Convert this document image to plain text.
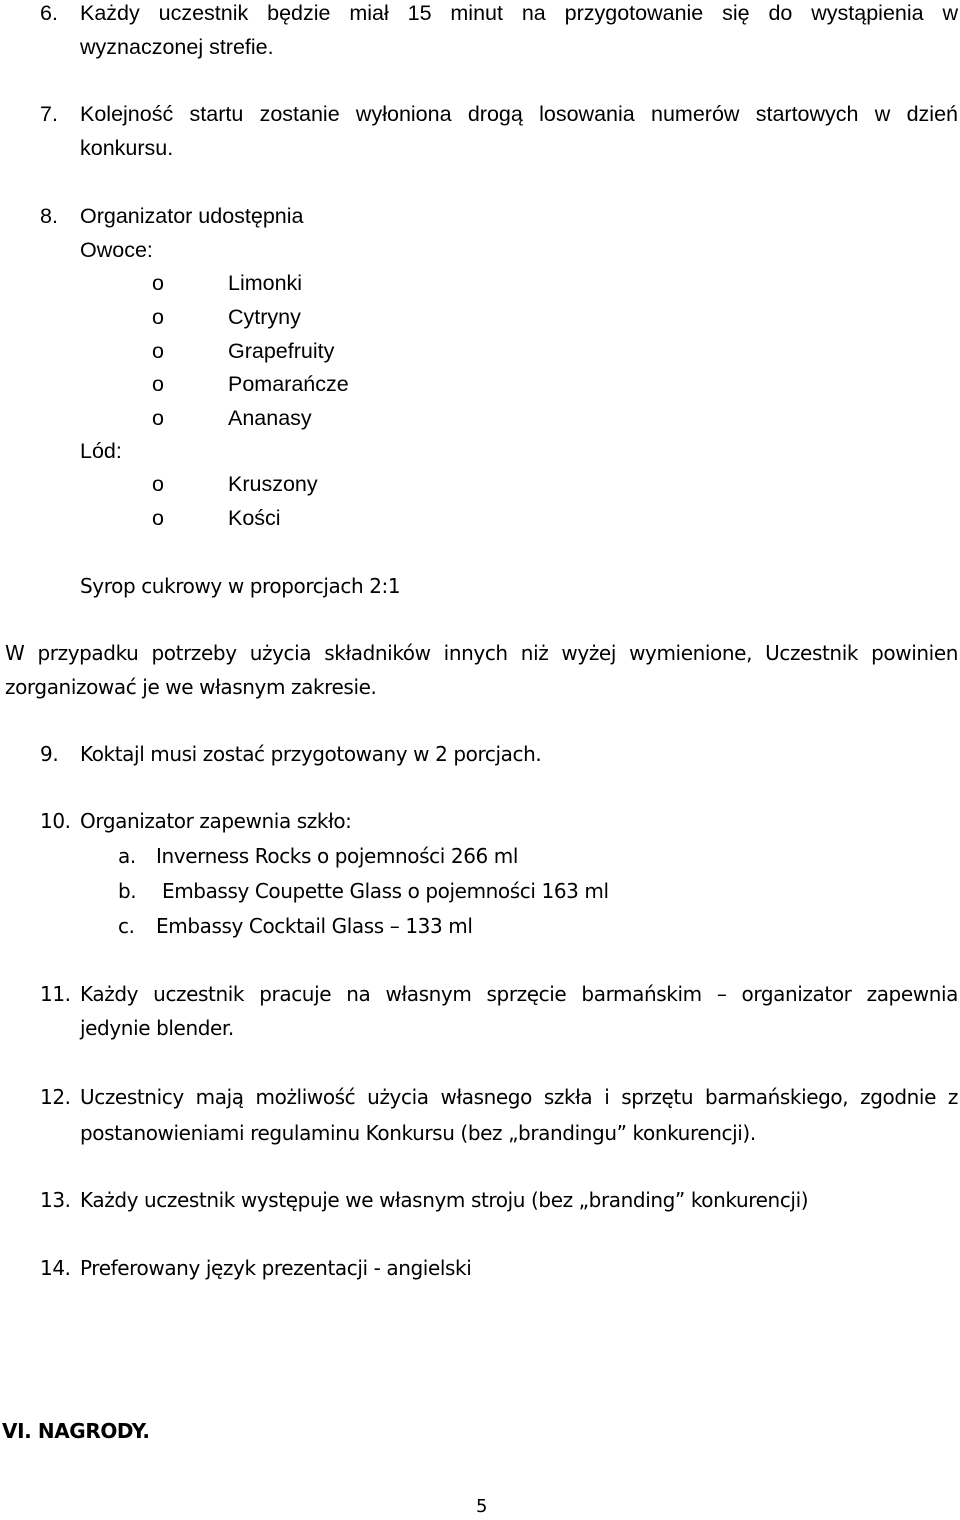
6. Każdy uczestnik będzie miał 15 minut na przygotowanie się do wystąpienia w
wyznaczonej strefie.
7. Kolejność startu zostanie wyłoniona drogą losowania numerów startowych w dzień
konkursu.
8. Organizator udostępnia
Owoce:
o	Limonki
o	Cytryny
o	Grapefruity
o	Pomarańcze
o	Ananasy
Lód:
o	Kruszony
o	Kości
Syrop cukrowy w proporcjach 2:1
W przypadku potrzeby użycia składników innych niż wyżej wymienione, Uczestnik powinien
zorganizować je we własnym zakresie.
9. Koktajl musi zostać przygotowany w 2 porcjach.
10. Organizator zapewnia szkło:
a. Inverness Rocks o pojemności 266 ml
b. Embassy Coupette Glass o pojemności 163 ml
c. Embassy Cocktail Glass – 133 ml
11. Każdy uczestnik pracuje na własnym sprzęcie barmańskim – organizator zapewnia
jedynie blender.
12. Uczestnicy mają możliwość użycia własnego szkła i sprzętu barmańskiego, zgodnie z
postanowieniami regulaminu Konkursu (bez „brandingu” konkurencji).
13. Każdy uczestnik występuje we własnym stroju (bez „branding” konkurencji)
14. Preferowany język prezentacji - angielski
VI. NAGRODY.
5
